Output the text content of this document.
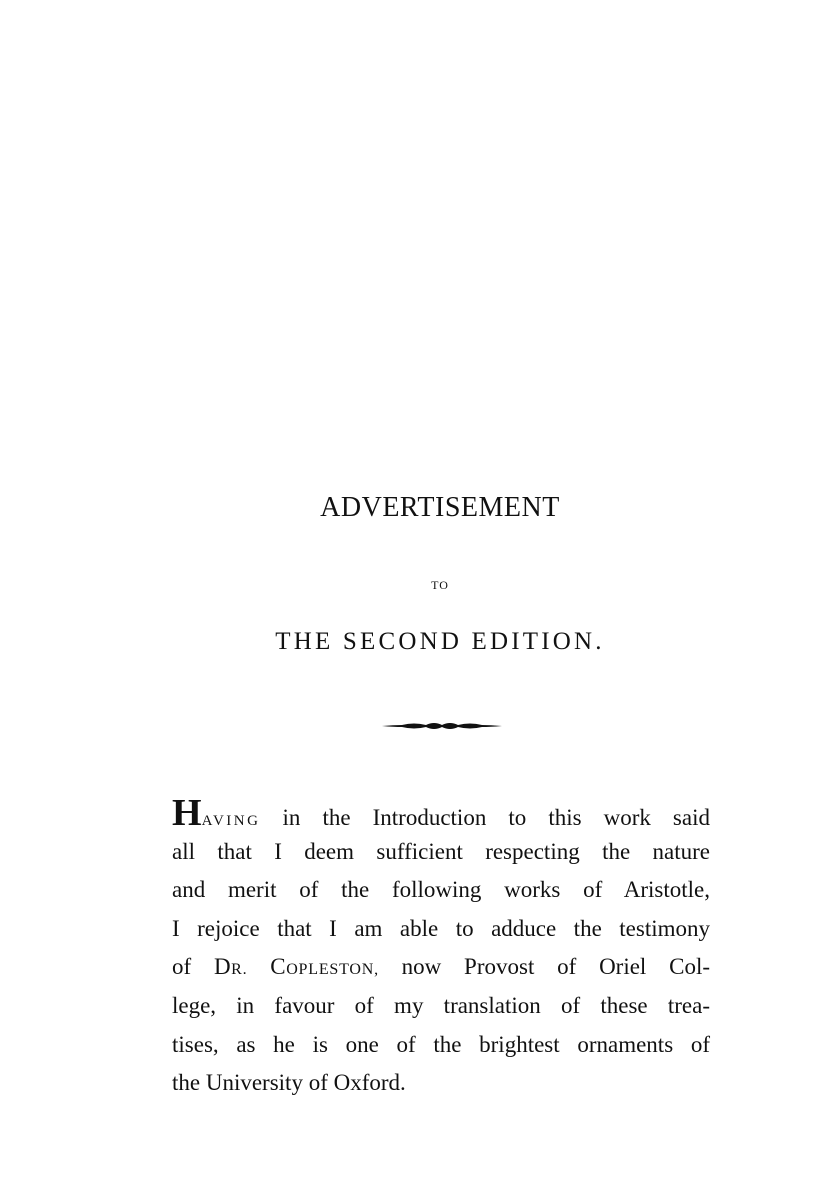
ADVERTISEMENT
TO
THE SECOND EDITION.
HAVING in the Introduction to this work said
all that I deem sufficient respecting the nature
and merit of the following works of Aristotle,
I rejoice that I am able to adduce the testimony
of DR. COPLESTON, now Provost of Oriel Col-
lege, in favour of my translation of these trea-
tises, as he is one of the brightest ornaments of
the University of Oxford.
